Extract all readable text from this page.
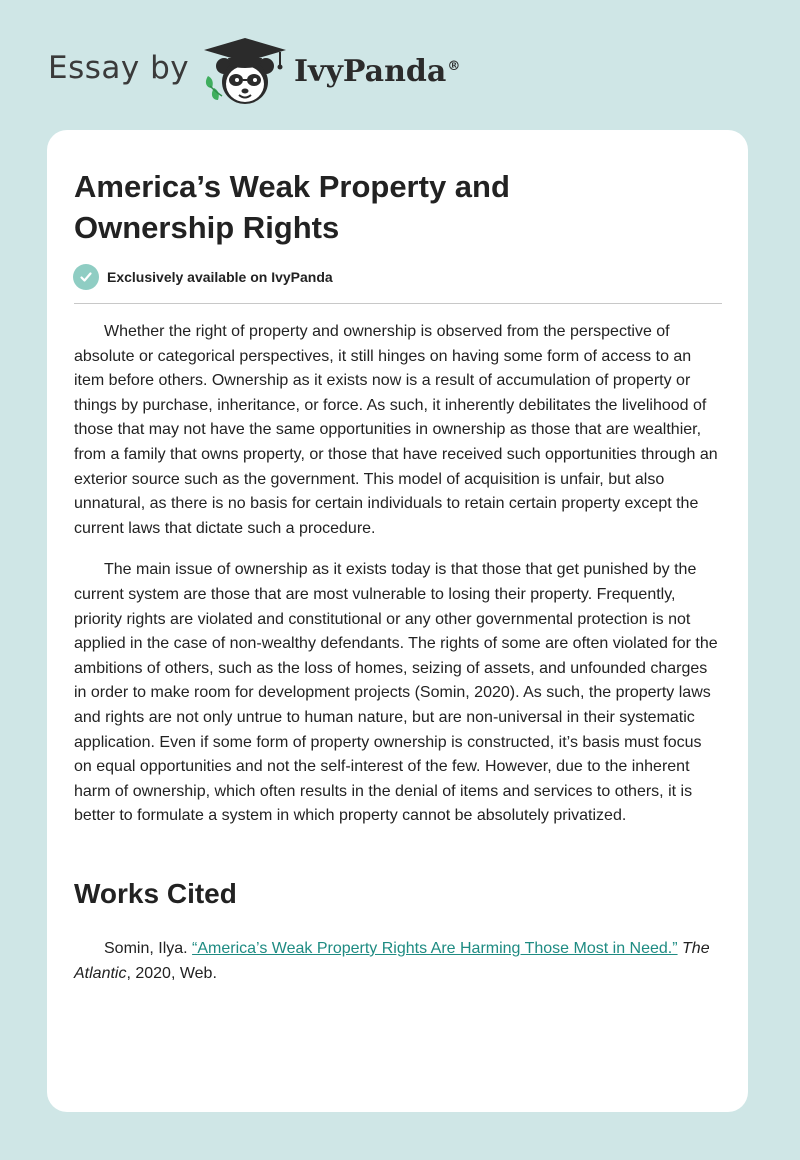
Essay by	IvyPanda®
America’s Weak Property and Ownership Rights
Exclusively available on IvyPanda

Whether the right of property and ownership is observed from the perspective of absolute or categorical perspectives, it still hinges on having some form of access to an item before others. Ownership as it exists now is a result of accumulation of property or things by purchase, inheritance, or force. As such, it inherently debilitates the livelihood of those that may not have the same opportunities in ownership as those that are wealthier, from a family that owns property, or those that have received such opportunities through an exterior source such as the government. This model of acquisition is unfair, but also unnatural, as there is no basis for certain individuals to retain certain property except the current laws that dictate such a procedure.

The main issue of ownership as it exists today is that those that get punished by the current system are those that are most vulnerable to losing their property. Frequently, priority rights are violated and constitutional or any other governmental protection is not applied in the case of non-wealthy defendants. The rights of some are often violated for the ambitions of others, such as the loss of homes, seizing of assets, and unfounded charges in order to make room for development projects (Somin, 2020). As such, the property laws and rights are not only untrue to human nature, but are non-universal in their systematic application. Even if some form of property ownership is constructed, it’s basis must focus on equal opportunities and not the self-interest of the few. However, due to the inherent harm of ownership, which often results in the denial of items and services to others, it is better to formulate a system in which property cannot be absolutely privatized.

Works Cited
Somin, Ilya. “America’s Weak Property Rights Are Harming Those Most in Need.” The Atlantic, 2020, Web.
